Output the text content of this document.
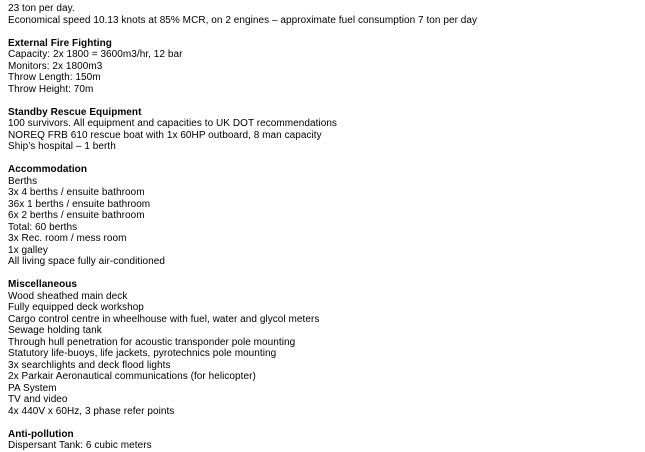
23 ton per day.
Economical speed 10.13 knots at 85% MCR, on 2 engines – approximate fuel consumption 7 ton per day
External Fire Fighting
Capacity: 2x 1800 = 3600m3/hr, 12 bar
Monitors: 2x 1800m3
Throw Length: 150m
Throw Height: 70m
Standby Rescue Equipment
100 survivors. All equipment and capacities to UK DOT recommendations
NOREQ FRB 610 rescue boat with 1x 60HP outboard, 8 man capacity
Ship’s hospital – 1 berth
Accommodation
Berths
3x 4 berths / ensuite bathroom
36x 1 berths / ensuite bathroom
6x 2 berths / ensuite bathroom
Total: 60 berths
3x Rec. room / mess room
1x galley
All living space fully air-conditioned
Miscellaneous
Wood sheathed main deck
Fully equipped deck workshop
Cargo control centre in wheelhouse with fuel, water and glycol meters
Sewage holding tank
Through hull penetration for acoustic transponder pole mounting
Statutory life-buoys, life jackets, pyrotechnics pole mounting
3x searchlights and deck flood lights
2x Parkair Aeronautical communications (for helicopter)
PA System
TV and video
4x 440V x 60Hz, 3 phase refer points
Anti-pollution
Dispersant Tank: 6 cubic meters
